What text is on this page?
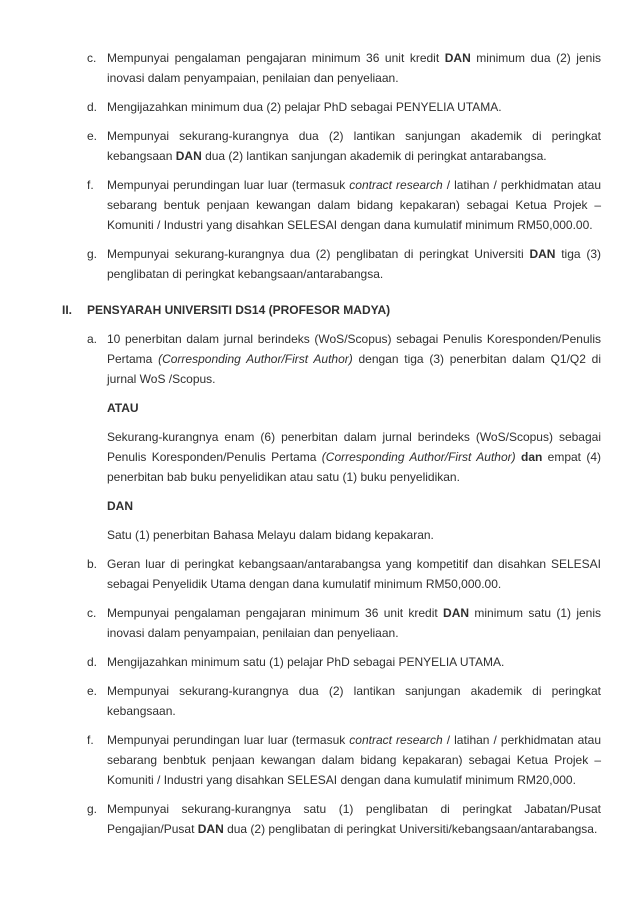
c. Mempunyai pengalaman pengajaran minimum 36 unit kredit DAN minimum dua (2) jenis inovasi dalam penyampaian, penilaian dan penyeliaan.

d. Mengijazahkan minimum dua (2) pelajar PhD sebagai PENYELIA UTAMA.

e. Mempunyai sekurang-kurangnya dua (2) lantikan sanjungan akademik di peringkat kebangsaan DAN dua (2) lantikan sanjungan akademik di peringkat antarabangsa.

f.	Mempunyai perundingan luar luar (termasuk contract research / latihan / perkhidmatan atau sebarang bentuk penjaan kewangan dalam bidang kepakaran) sebagai Ketua Projek – Komuniti / Industri yang disahkan SELESAI dengan dana kumulatif minimum RM50,000.00.

g. Mempunyai sekurang-kurangnya dua (2) penglibatan di peringkat Universiti DAN tiga (3) penglibatan di peringkat kebangsaan/antarabangsa.

II.	PENSYARAH UNIVERSITI DS14 (PROFESOR MADYA)
a. 10 penerbitan dalam jurnal berindeks (WoS/Scopus) sebagai Penulis Koresponden/Penulis Pertama (Corresponding Author/First Author) dengan tiga (3) penerbitan dalam Q1/Q2 di jurnal WoS /Scopus.

ATAU

Sekurang-kurangnya enam (6) penerbitan dalam jurnal berindeks (WoS/Scopus) sebagai Penulis Koresponden/Penulis Pertama (Corresponding Author/First Author) dan empat (4) penerbitan bab buku penyelidikan atau satu (1) buku penyelidikan.

DAN

Satu (1) penerbitan Bahasa Melayu dalam bidang kepakaran.

b. Geran luar di peringkat kebangsaan/antarabangsa yang kompetitif dan disahkan SELESAI sebagai Penyelidik Utama dengan dana kumulatif minimum RM50,000.00.

c. Mempunyai pengalaman pengajaran minimum 36 unit kredit DAN minimum satu (1) jenis inovasi dalam penyampaian, penilaian dan penyeliaan.

d. Mengijazahkan minimum satu (1) pelajar PhD sebagai PENYELIA UTAMA.

e. Mempunyai sekurang-kurangnya dua (2) lantikan sanjungan akademik di peringkat kebangsaan.

f.	Mempunyai perundingan luar luar (termasuk contract research / latihan / perkhidmatan atau sebarang benbtuk penjaan kewangan dalam bidang kepakaran) sebagai Ketua Projek – Komuniti / Industri yang disahkan SELESAI dengan dana kumulatif minimum RM20,000.

g. Mempunyai sekurang-kurangnya satu (1) penglibatan di peringkat Jabatan/Pusat Pengajian/Pusat DAN dua (2) penglibatan di peringkat Universiti/kebangsaan/antarabangsa.
